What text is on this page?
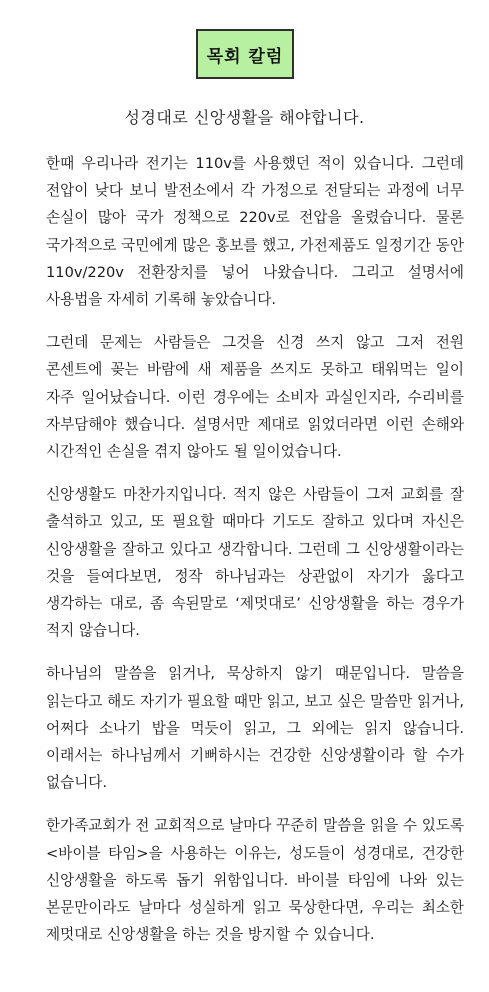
목회 칼럼
성경대로 신앙생활을 해야합니다.

한때 우리나라 전기는 110v를 사용했던 적이 있습니다. 그런데 전압이 낮다 보니 발전소에서 각 가정으로 전달되는 과정에 너무 손실이 많아 국가 정책으로 220v로 전압을 올렸습니다. 물론 국가적으로 국민에게 많은 홍보를 했고, 가전제품도 일정기간 동안 110v/220v 전환장치를 넣어 나왔습니다. 그리고 설명서에 사용법을 자세히 기록해 놓았습니다.

그런데 문제는 사람들은 그것을 신경 쓰지 않고 그저 전원 콘센트에 꽂는 바람에 새 제품을 쓰지도 못하고 태워먹는 일이 자주 일어났습니다. 이런 경우에는 소비자 과실인지라, 수리비를 자부담해야 했습니다. 설명서만 제대로 읽었더라면 이런 손해와 시간적인 손실을 겪지 않아도 될 일이었습니다.

신앙생활도 마찬가지입니다. 적지 않은 사람들이 그저 교회를 잘 출석하고 있고, 또 필요할 때마다 기도도 잘하고 있다며 자신은 신앙생활을 잘하고 있다고 생각합니다. 그런데 그 신앙생활이라는 것을 들여다보면, 정작 하나님과는 상관없이 자기가 옳다고 생각하는 대로, 좀 속된말로 ‘제멋대로’ 신앙생활을 하는 경우가 적지 않습니다.

하나님의 말씀을 읽거나, 묵상하지 않기 때문입니다. 말씀을 읽는다고 해도 자기가 필요할 때만 읽고, 보고 싶은 말씀만 읽거나, 어쩌다 소나기 밥을 먹듯이 읽고, 그 외에는 읽지 않습니다. 이래서는 하나님께서 기뻐하시는 건강한 신앙생활이라 할 수가 없습니다.

한가족교회가 전 교회적으로 날마다 꾸준히 말씀을 읽을 수 있도록 <바이블 타임>을 사용하는 이유는, 성도들이 성경대로, 건강한 신앙생활을 하도록 돕기 위함입니다. 바이블 타임에 나와 있는 본문만이라도 날마다 성실하게 읽고 묵상한다면, 우리는 최소한 제멋대로 신앙생활을 하는 것을 방지할 수 있습니다.
